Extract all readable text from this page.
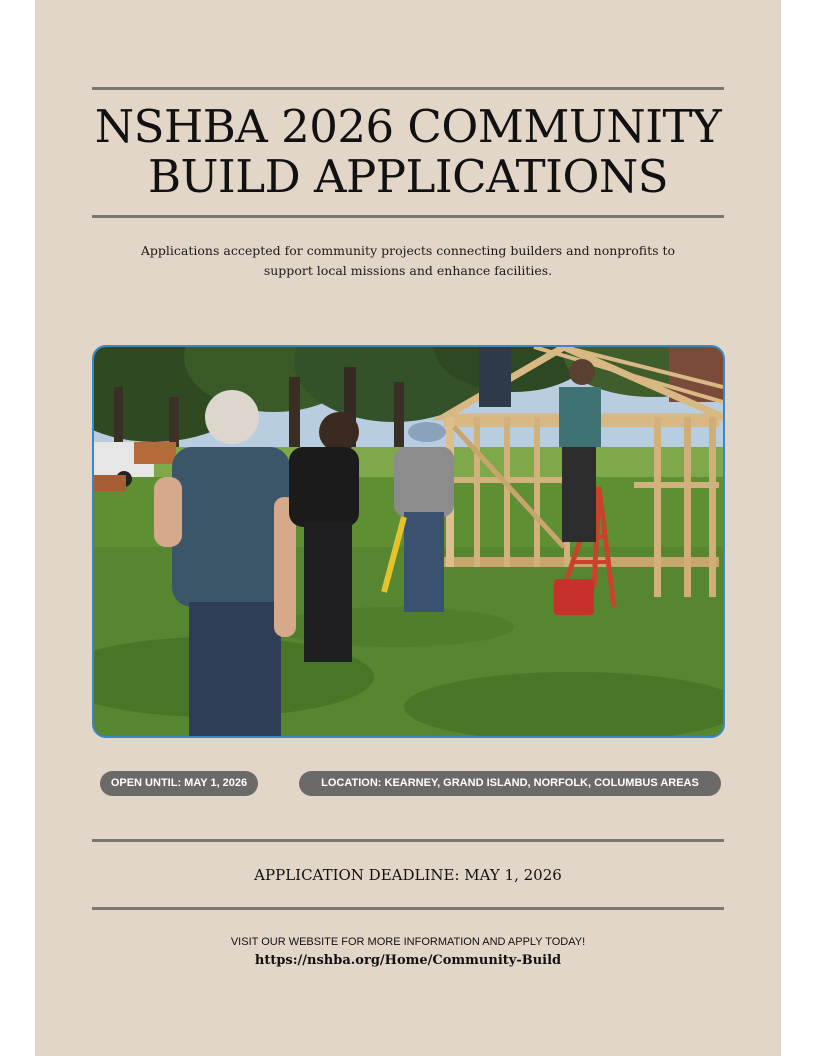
NSHBA 2026 COMMUNITY BUILD APPLICATIONS

Applications accepted for community projects connecting builders and nonprofits to support local missions and enhance facilities.

OPEN UNTIL: MAY 1, 2026	LOCATION: KEARNEY, GRAND ISLAND, NORFOLK, COLUMBUS AREAS

APPLICATION DEADLINE: MAY 1, 2026

VISIT OUR WEBSITE FOR MORE INFORMATION AND APPLY TODAY!

https://nshba.org/Home/Community-Build
